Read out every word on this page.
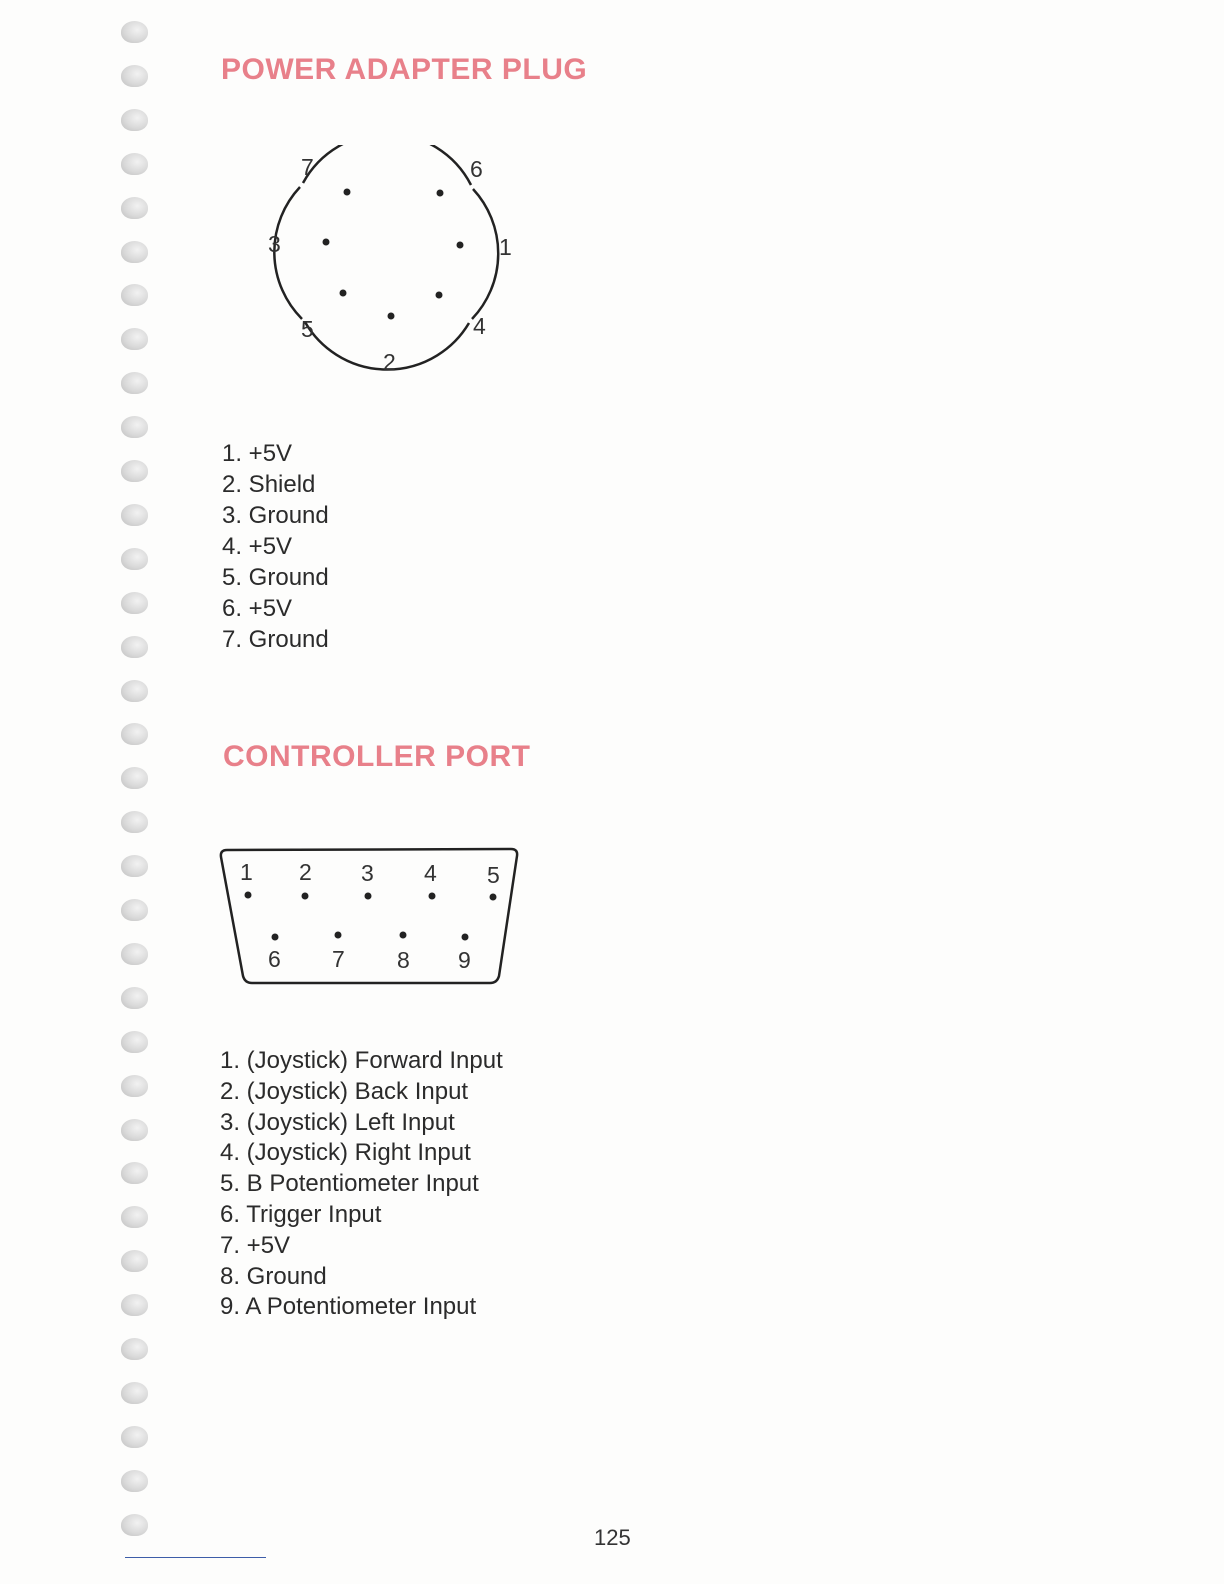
POWER ADAPTER PLUG
7	6
3	1
5	4
2
1. +5V
2. Shield
3. Ground
4. +5V
5. Ground
6. +5V
7. Ground
CONTROLLER PORT
1 2 3 4 5
6 7 8 9
1. (Joystick) Forward Input
2. (Joystick) Back Input
3. (Joystick) Left Input
4. (Joystick) Right Input
5. B Potentiometer Input
6. Trigger Input
7. +5V
8. Ground
9. A Potentiometer Input
125
